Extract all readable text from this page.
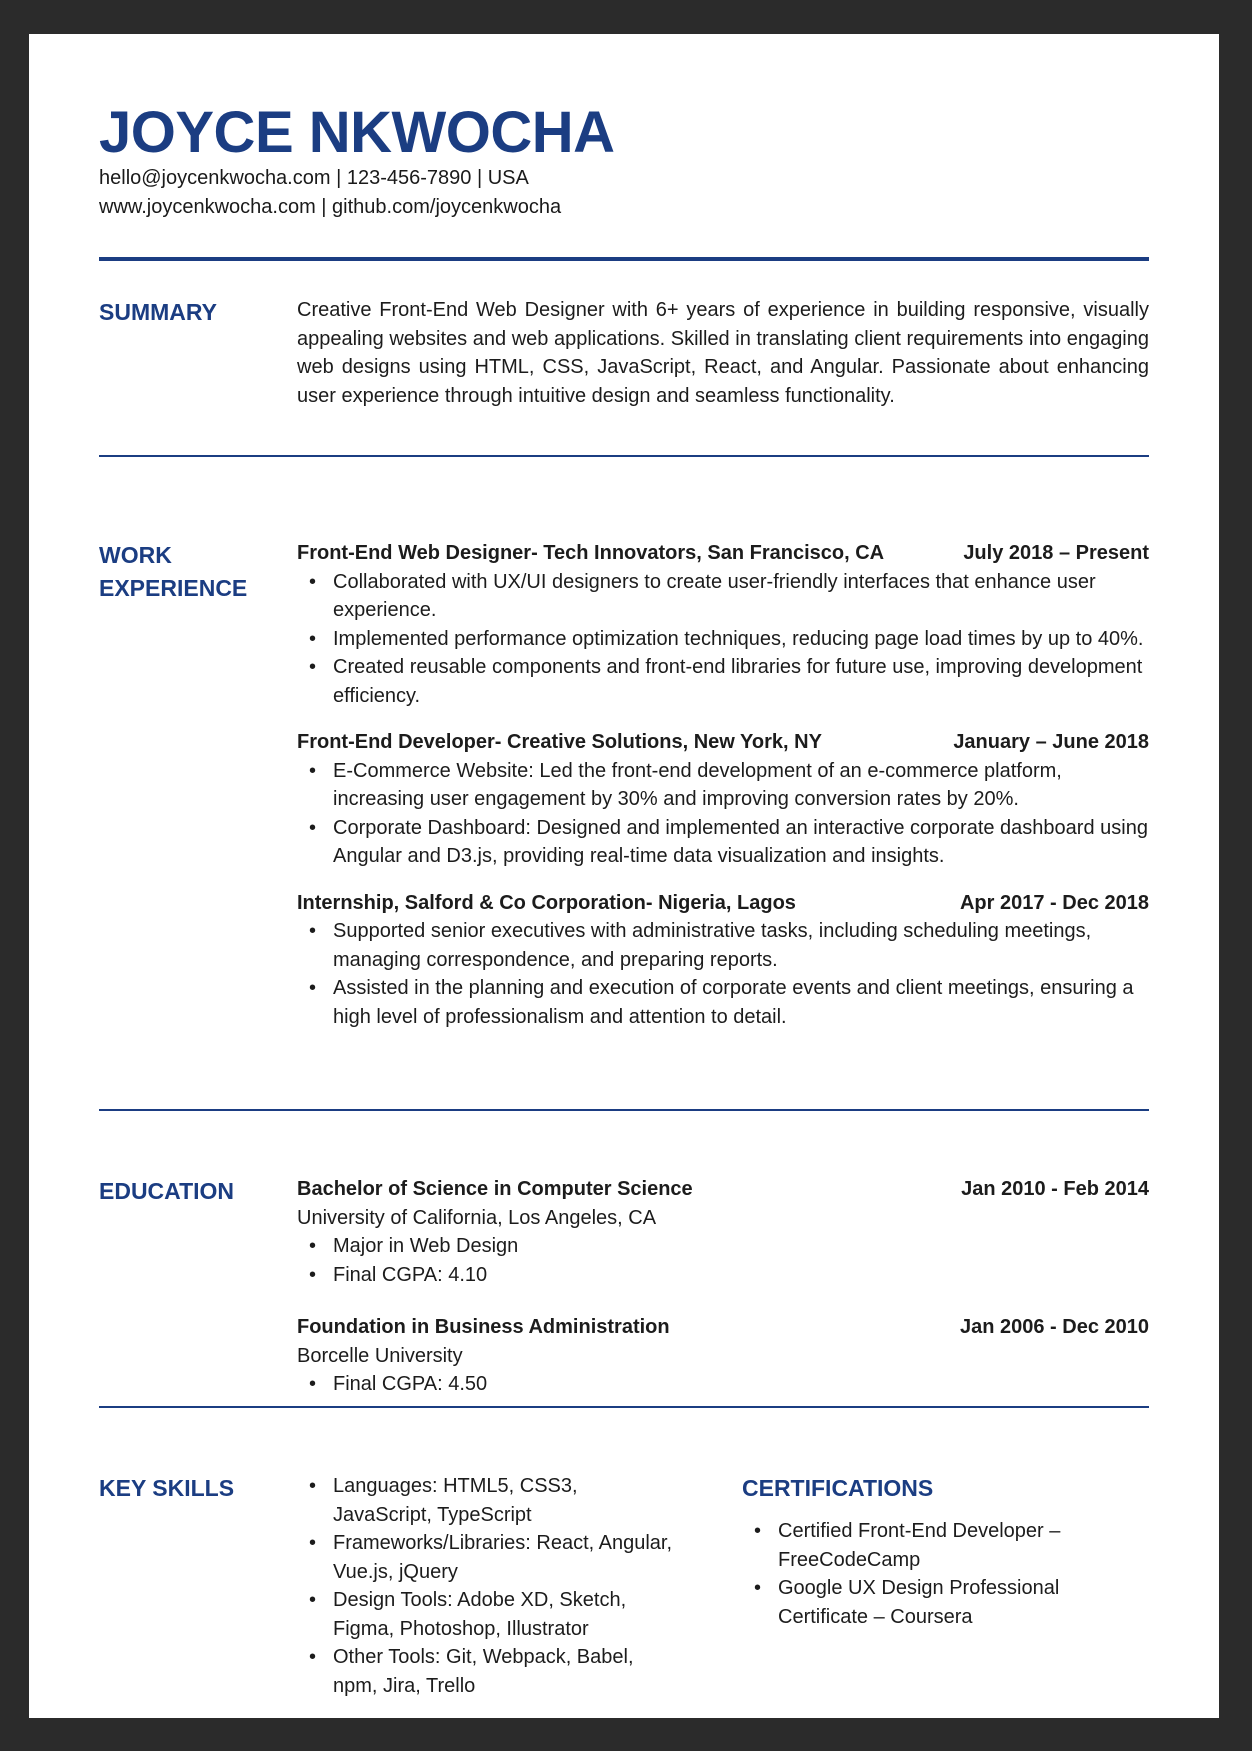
JOYCE NKWOCHA
hello@joycenkwocha.com | 123-456-7890 | USA
www.joycenkwocha.com | github.com/joycenkwocha
SUMMARY	Creative Front-End Web Designer with 6+ years of experience in building responsive, visually appealing websites and web applications. Skilled in translating client requirements into engaging web designs using HTML, CSS, JavaScript, React, and Angular. Passionate about enhancing user experience through intuitive design and seamless functionality.

WORK
EXPERIENCE
Front-End Web Designer- Tech Innovators, San Francisco, CA	July 2018 – Present
• Collaborated with UX/UI designers to create user-friendly interfaces that enhance user experience.
• Implemented performance optimization techniques, reducing page load times by up to 40%.
• Created reusable components and front-end libraries for future use, improving development efficiency.
Front-End Developer- Creative Solutions, New York, NY	January – June 2018
• E-Commerce Website: Led the front-end development of an e-commerce platform, increasing user engagement by 30% and improving conversion rates by 20%.
• Corporate Dashboard: Designed and implemented an interactive corporate dashboard using Angular and D3.js, providing real-time data visualization and insights.
Internship, Salford & Co Corporation- Nigeria, Lagos	Apr 2017 - Dec 2018
• Supported senior executives with administrative tasks, including scheduling meetings, managing correspondence, and preparing reports.
• Assisted in the planning and execution of corporate events and client meetings, ensuring a high level of professionalism and attention to detail.
EDUCATION	Bachelor of Science in Computer Science	Jan 2010 - Feb 2014
University of California, Los Angeles, CA
• Major in Web Design
• Final CGPA: 4.10
Foundation in Business Administration	Jan 2006 - Dec 2010
Borcelle University
• Final CGPA: 4.50
KEY SKILLS
•	Languages: HTML5, CSS3, JavaScript, TypeScript
• Frameworks/Libraries: React, Angular, Vue.js, jQuery
• Design Tools: Adobe XD, Sketch, Figma, Photoshop, Illustrator
• Other Tools: Git, Webpack, Babel, npm, Jira, Trello
CERTIFICATIONS
• Certified Front-End Developer – FreeCodeCamp
• Google UX Design Professional Certificate – Coursera
